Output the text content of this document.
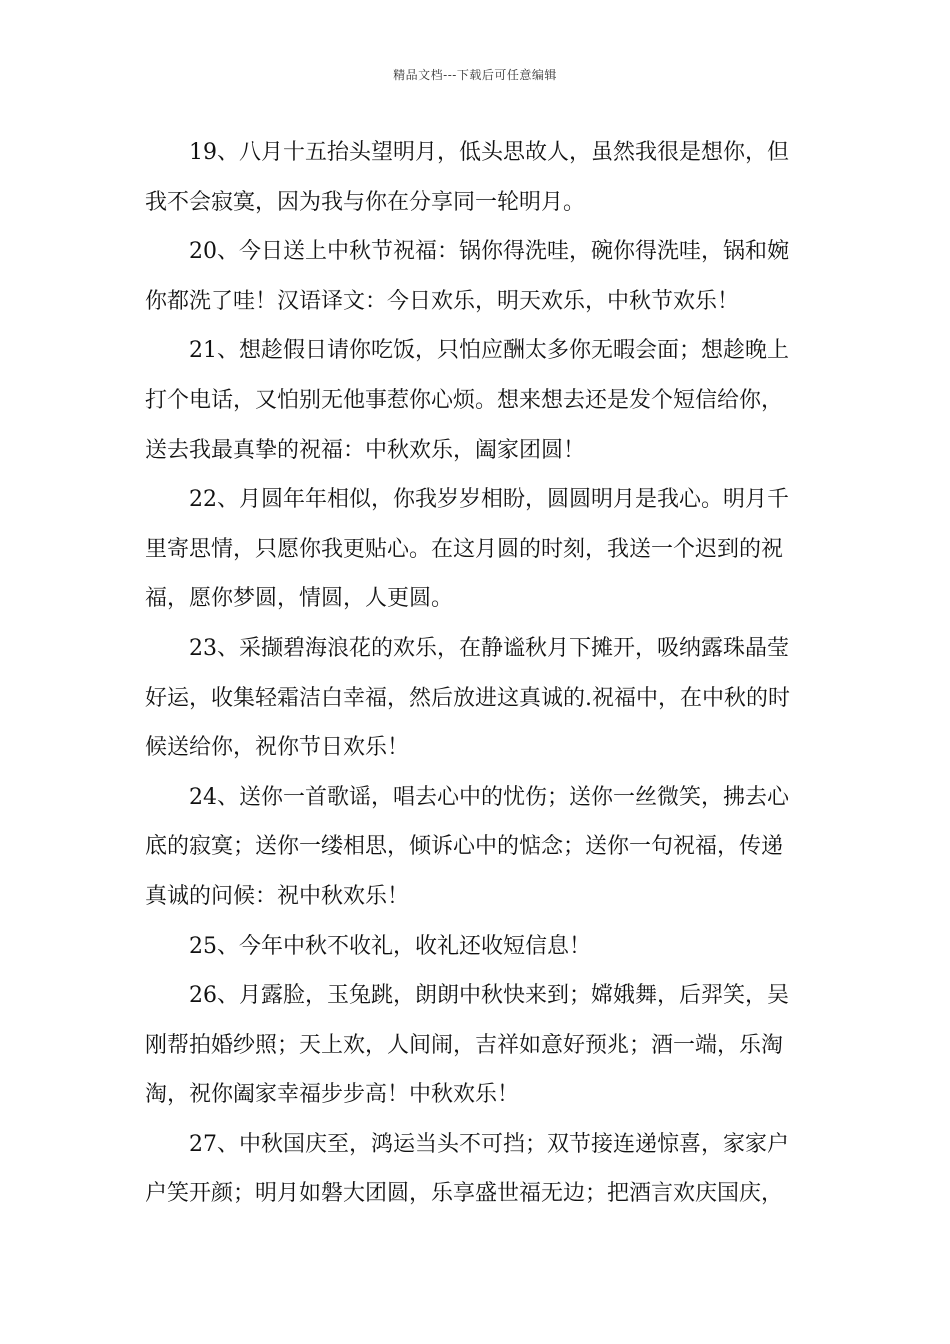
精品文档---下载后可任意编辑
19、八月十五抬头望明月，低头思故人，虽然我很是想你，但
我不会寂寞，因为我与你在分享同一轮明月。
20、今日送上中秋节祝福：锅你得洗哇，碗你得洗哇，锅和婉
你都洗了哇！汉语译文：今日欢乐，明天欢乐，中秋节欢乐！
21、想趁假日请你吃饭，只怕应酬太多你无暇会面；想趁晚上
打个电话，又怕别无他事惹你心烦。想来想去还是发个短信给你，
送去我最真挚的祝福：中秋欢乐，阖家团圆！
22、月圆年年相似，你我岁岁相盼，圆圆明月是我心。明月千
里寄思情，只愿你我更贴心。在这月圆的时刻，我送一个迟到的祝
福，愿你梦圆，情圆，人更圆。
23、采撷碧海浪花的欢乐，在静谧秋月下摊开，吸纳露珠晶莹
好运，收集轻霜洁白幸福，然后放进这真诚的.祝福中，在中秋的时
候送给你，祝你节日欢乐！
24、送你一首歌谣，唱去心中的忧伤；送你一丝微笑，拂去心
底的寂寞；送你一缕相思，倾诉心中的惦念；送你一句祝福，传递
真诚的问候：祝中秋欢乐！
25、今年中秋不收礼，收礼还收短信息！
26、月露脸，玉兔跳，朗朗中秋快来到；嫦娥舞，后羿笑，吴
刚帮拍婚纱照；天上欢，人间闹，吉祥如意好预兆；酒一端，乐淘
淘，祝你阖家幸福步步高！中秋欢乐！
27、中秋国庆至，鸿运当头不可挡；双节接连递惊喜，家家户
户笑开颜；明月如磐大团圆，乐享盛世福无边；把酒言欢庆国庆，
